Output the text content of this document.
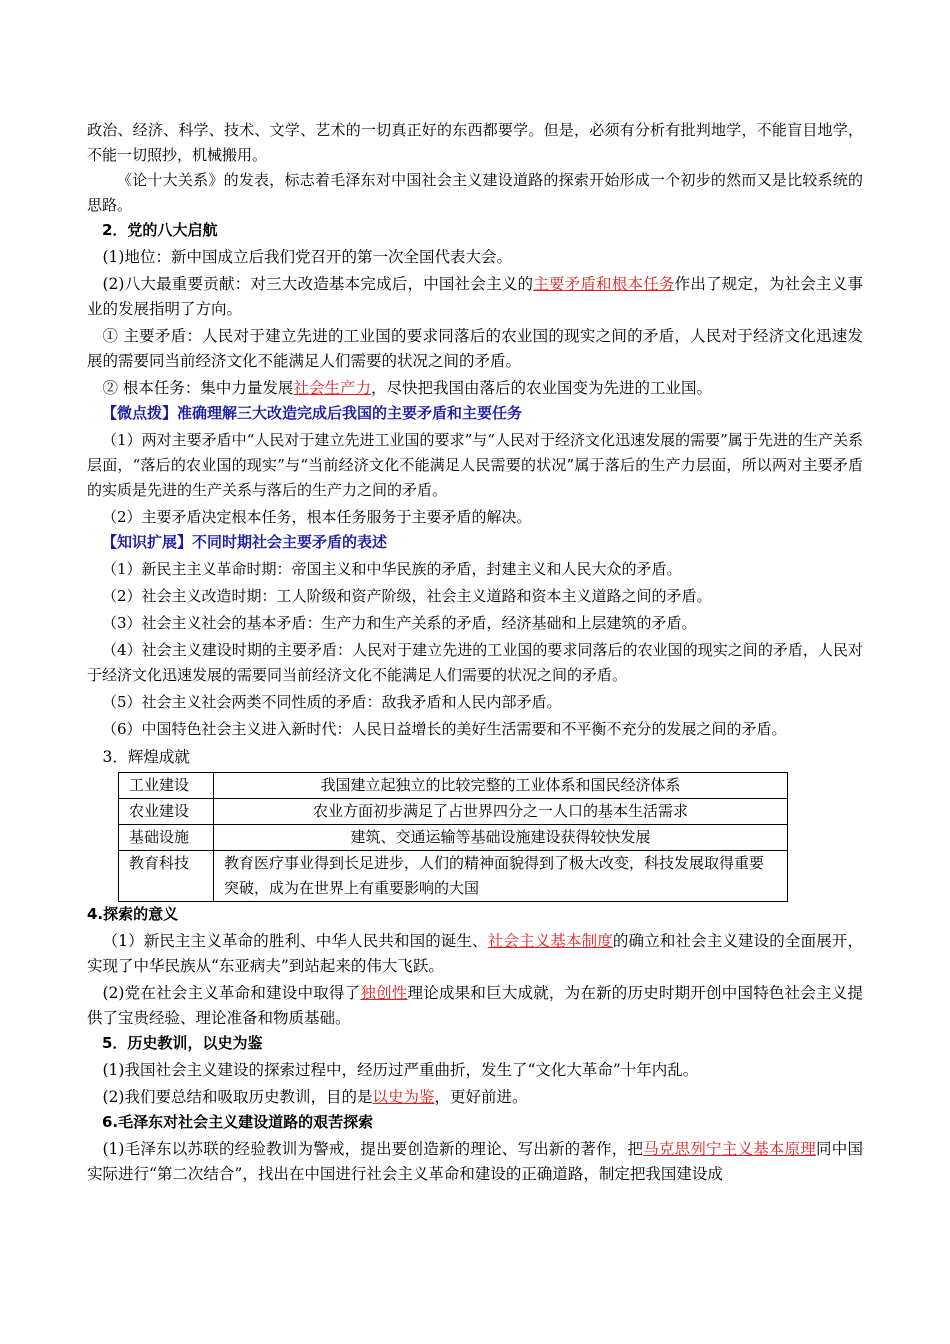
政治、经济、科学、技术、文学、艺术的一切真正好的东西都要学。但是，必须有分析有批判地学，不能盲目地学，不能一切照抄，机械搬用。

《论十大关系》的发表，标志着毛泽东对中国社会主义建设道路的探索开始形成一个初步的然而又是比较系统的思路。

2．党的八大启航

(1)地位：新中国成立后我们党召开的第一次全国代表大会。

(2)八大最重要贡献：对三大改造基本完成后，中国社会主义的主要矛盾和根本任务作出了规定，为社会主义事业的发展指明了方向。

① 主要矛盾：人民对于建立先进的工业国的要求同落后的农业国的现实之间的矛盾，人民对于经济文化迅速发展的需要同当前经济文化不能满足人们需要的状况之间的矛盾。

② 根本任务：集中力量发展社会生产力，尽快把我国由落后的农业国变为先进的工业国。

【微点拨】准确理解三大改造完成后我国的主要矛盾和主要任务

（1）两对主要矛盾中“人民对于建立先进工业国的要求”与“人民对于经济文化迅速发展的需要”属于先进的生产关系层面，“落后的农业国的现实”与“当前经济文化不能满足人民需要的状况”属于落后的生产力层面，所以两对主要矛盾的实质是先进的生产关系与落后的生产力之间的矛盾。

（2）主要矛盾决定根本任务，根本任务服务于主要矛盾的解决。

【知识扩展】不同时期社会主要矛盾的表述

（1）新民主主义革命时期：帝国主义和中华民族的矛盾，封建主义和人民大众的矛盾。

（2）社会主义改造时期：工人阶级和资产阶级，社会主义道路和资本主义道路之间的矛盾。

（3）社会主义社会的基本矛盾：生产力和生产关系的矛盾，经济基础和上层建筑的矛盾。

（4）社会主义建设时期的主要矛盾：人民对于建立先进的工业国的要求同落后的农业国的现实之间的矛盾，人民对于经济文化迅速发展的需要同当前经济文化不能满足人们需要的状况之间的矛盾。

（5）社会主义社会两类不同性质的矛盾：敌我矛盾和人民内部矛盾。

（6）中国特色社会主义进入新时代：人民日益增长的美好生活需要和不平衡不充分的发展之间的矛盾。

3．辉煌成就

工业建设	我国建立起独立的比较完整的工业体系和国民经济体系
农业建设	农业方面初步满足了占世界四分之一人口的基本生活需求
基础设施	建筑、交通运输等基础设施建设获得较快发展
教育科技	教育医疗事业得到长足进步，人们的精神面貌得到了极大改变，科技发展取得重要突破，成为在世界上有重要影响的大国

4.探索的意义

（1）新民主主义革命的胜利、中华人民共和国的诞生、社会主义基本制度的确立和社会主义建设的全面展开，实现了中华民族从“东亚病夫”到站起来的伟大飞跃。

(2)党在社会主义革命和建设中取得了独创性理论成果和巨大成就，为在新的历史时期开创中国特色社会主义提供了宝贵经验、理论准备和物质基础。

5．历史教训，以史为鉴

(1)我国社会主义建设的探索过程中，经历过严重曲折，发生了“文化大革命”十年内乱。

(2)我们要总结和吸取历史教训，目的是以史为鉴，更好前进。

6.毛泽东对社会主义建设道路的艰苦探索

(1)毛泽东以苏联的经验教训为警戒，提出要创造新的理论、写出新的著作，把马克思列宁主义基本原理同中国实际进行“第二次结合”，找出在中国进行社会主义革命和建设的正确道路，制定把我国建设成
